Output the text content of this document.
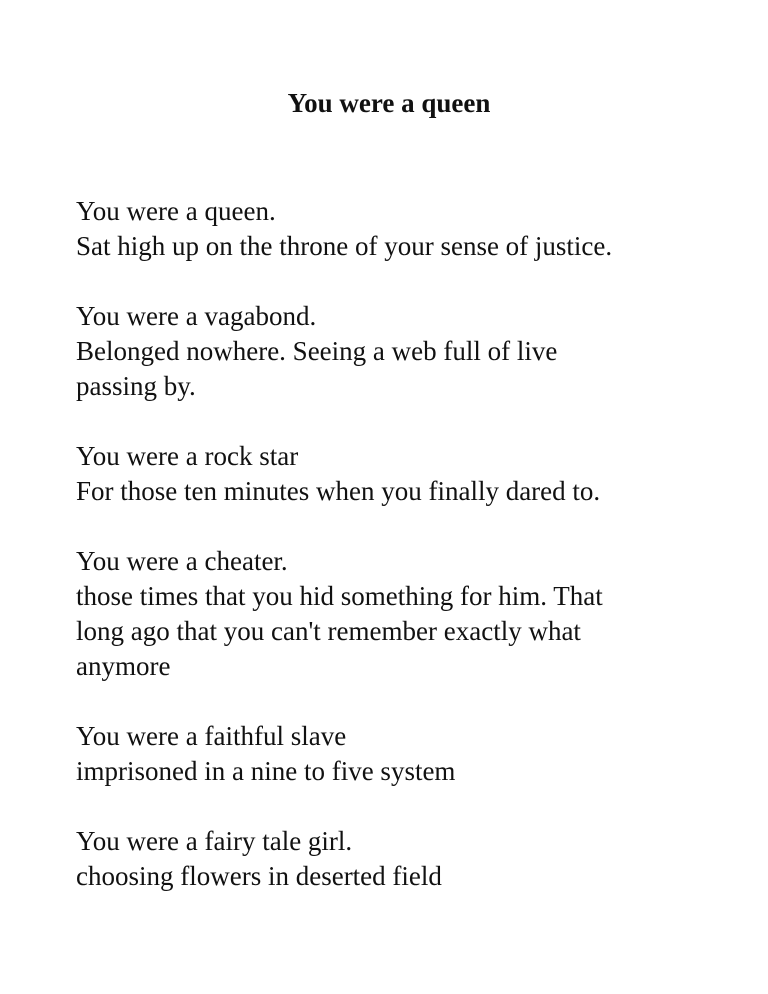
You were a queen
You were a queen.
Sat high up on the throne of your sense of justice.
You were a vagabond.
Belonged nowhere. Seeing a web full of live
passing by.
You were a rock star
For those ten minutes when you finally dared to.
You were a cheater.
those times that you hid something for him. That
long ago that you can't remember exactly what
anymore
You were a faithful slave
imprisoned in a nine to five system
You were a fairy tale girl.
choosing flowers in deserted field
